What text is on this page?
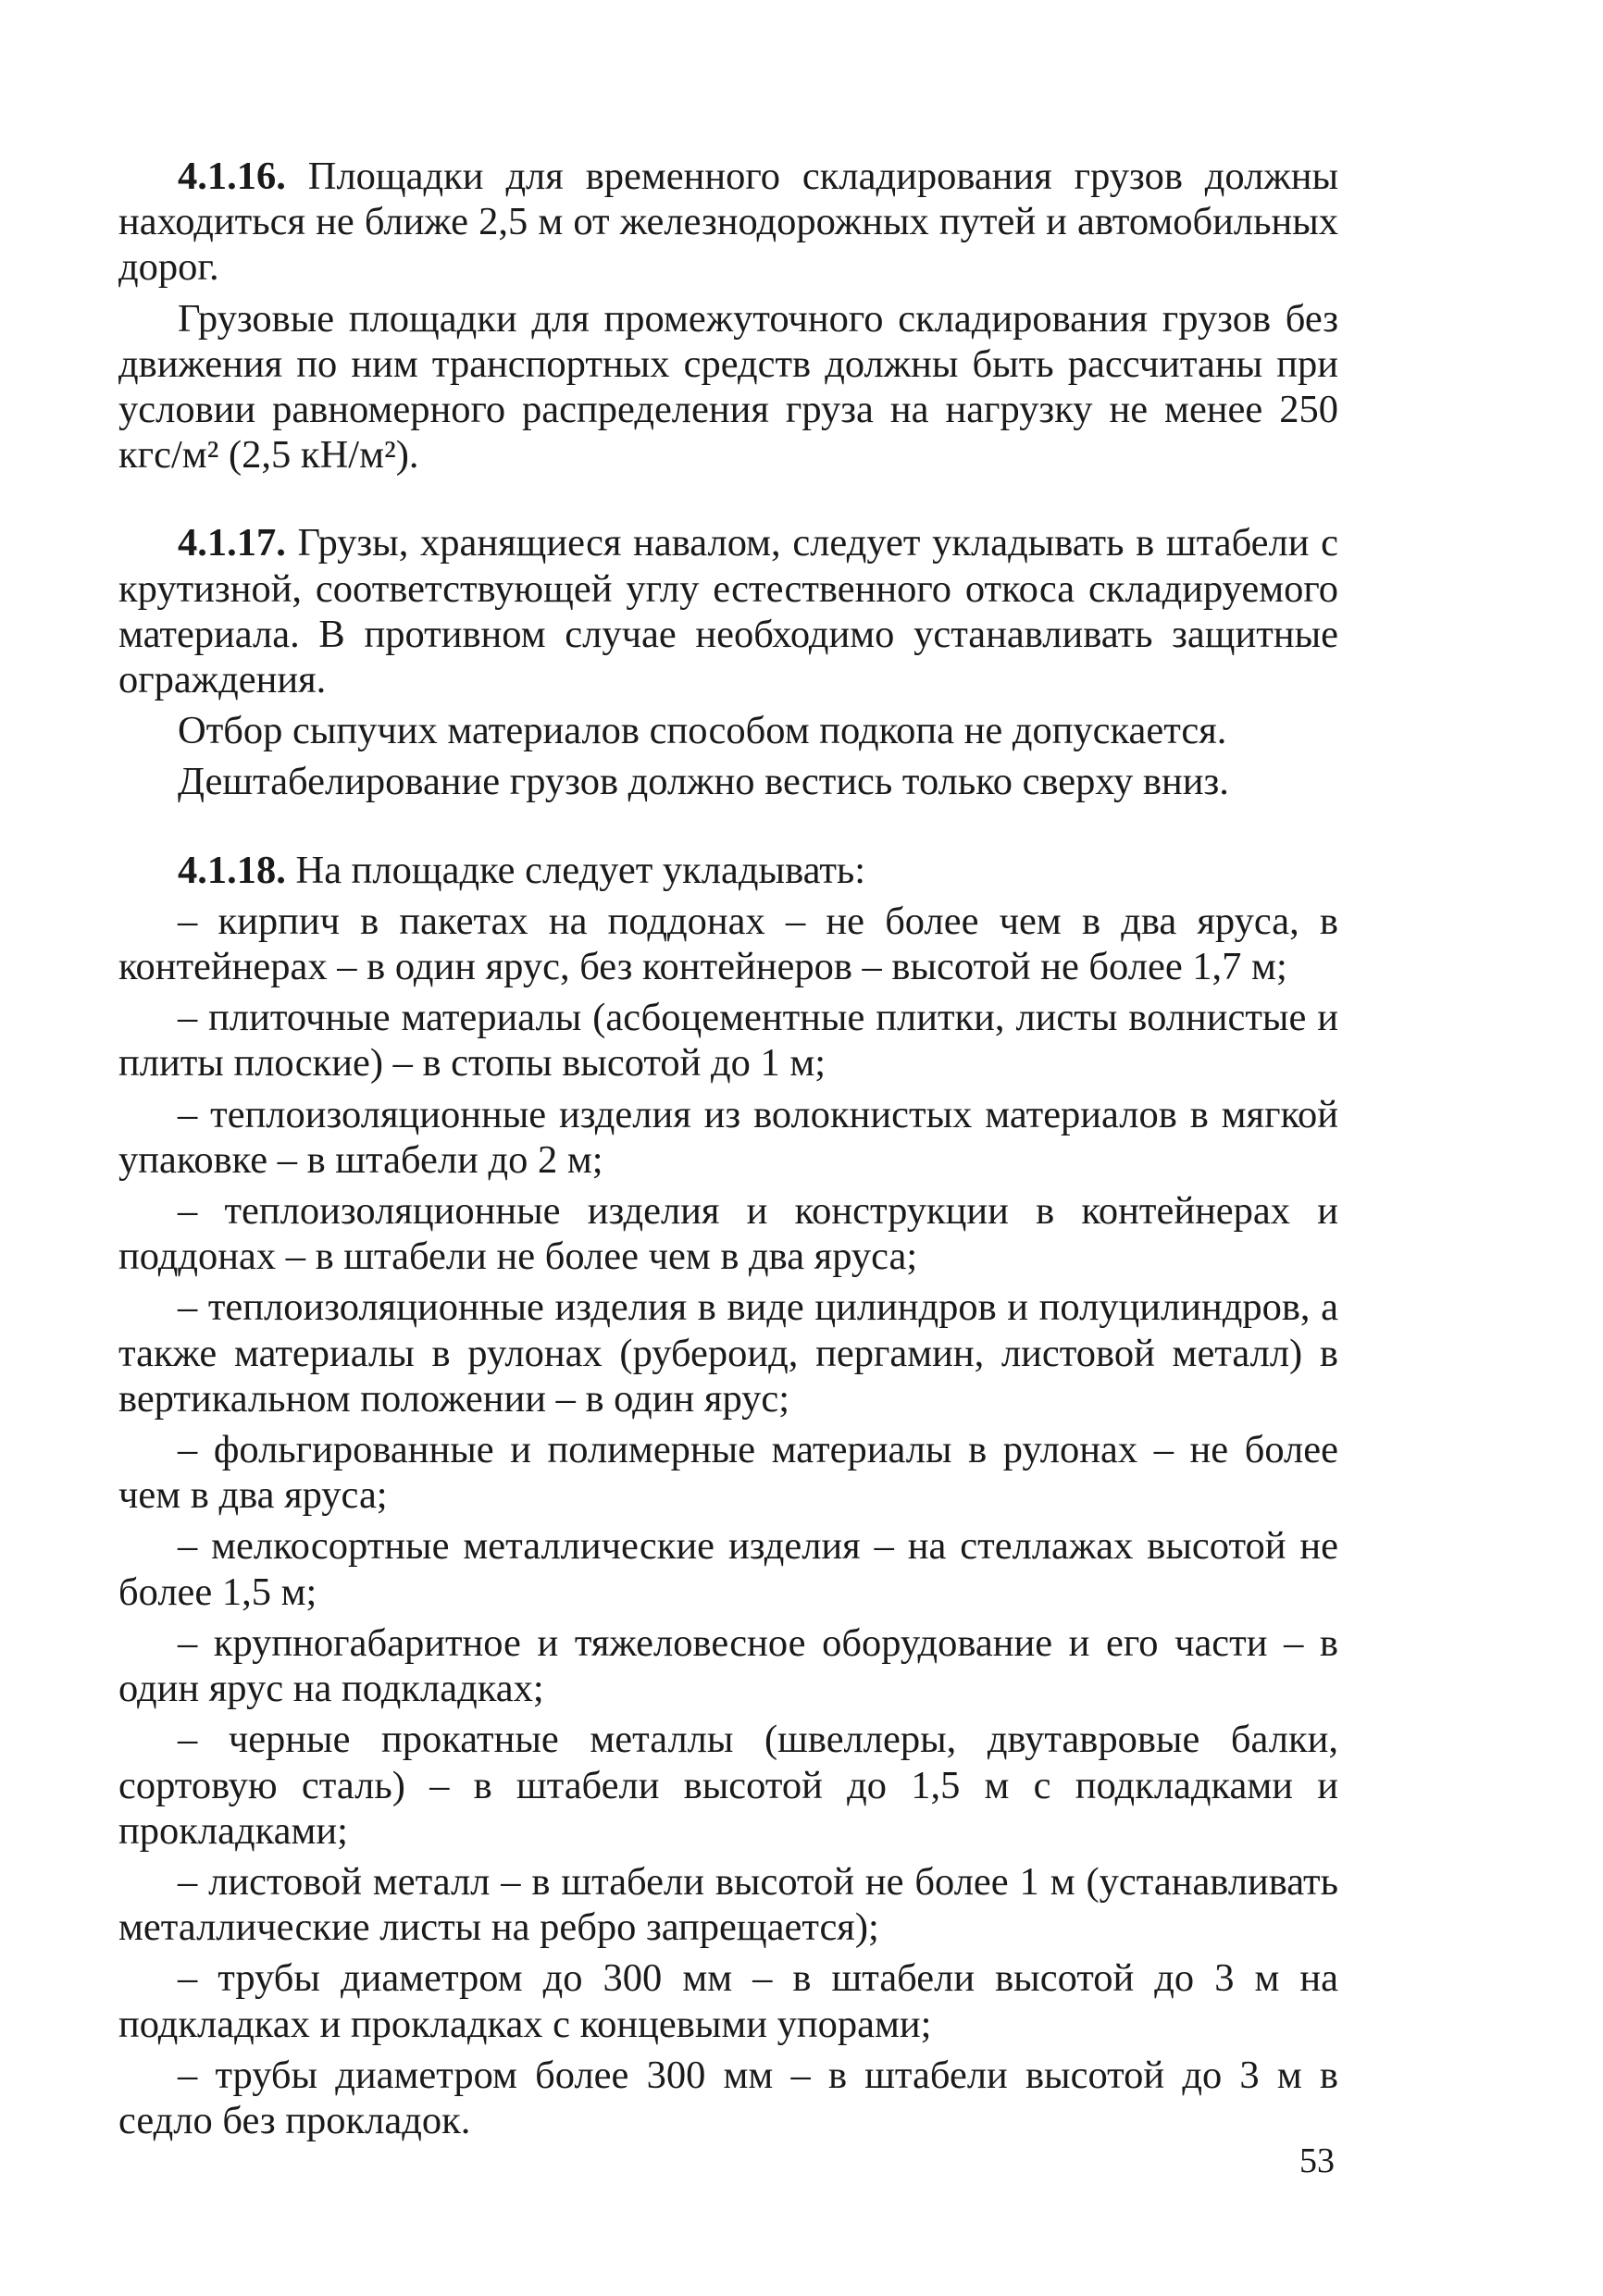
4.1.16. Площадки для временного складирования грузов должны находиться не ближе 2,5 м от железнодорожных путей и автомобильных дорог.

Грузовые площадки для промежуточного складирования грузов без движения по ним транспортных средств должны быть рассчитаны при условии равномерного распределения груза на нагрузку не менее 250 кгс/м² (2,5 кН/м²).

4.1.17. Грузы, хранящиеся навалом, следует укладывать в штабели с крутизной, соответствующей углу естественного откоса складируемого материала. В противном случае необходимо устанавливать защитные ограждения.

Отбор сыпучих материалов способом подкопа не допускается.

Дештабелирование грузов должно вестись только сверху вниз.

4.1.18. На площадке следует укладывать:

– кирпич в пакетах на поддонах – не более чем в два яруса, в контейнерах – в один ярус, без контейнеров – высотой не более 1,7 м;

– плиточные материалы (асбоцементные плитки, листы волнистые и плиты плоские) – в стопы высотой до 1 м;

– теплоизоляционные изделия из волокнистых материалов в мягкой упаковке – в штабели до 2 м;

– теплоизоляционные изделия и конструкции в контейнерах и поддонах – в штабели не более чем в два яруса;

– теплоизоляционные изделия в виде цилиндров и полуцилиндров, а также материалы в рулонах (рубероид, пергамин, листовой металл) в вертикальном положении – в один ярус;

– фольгированные и полимерные материалы в рулонах – не более чем в два яруса;

– мелкосортные металлические изделия – на стеллажах высотой не более 1,5 м;

– крупногабаритное и тяжеловесное оборудование и его части – в один ярус на подкладках;

– черные прокатные металлы (швеллеры, двутавровые балки, сортовую сталь) – в штабели высотой до 1,5 м с подкладками и прокладками;

– листовой металл – в штабели высотой не более 1 м (устанавливать металлические листы на ребро запрещается);

– трубы диаметром до 300 мм – в штабели высотой до 3 м на подкладках и прокладках с концевыми упорами;

– трубы диаметром более 300 мм – в штабели высотой до 3 м в седло без прокладок.

53
